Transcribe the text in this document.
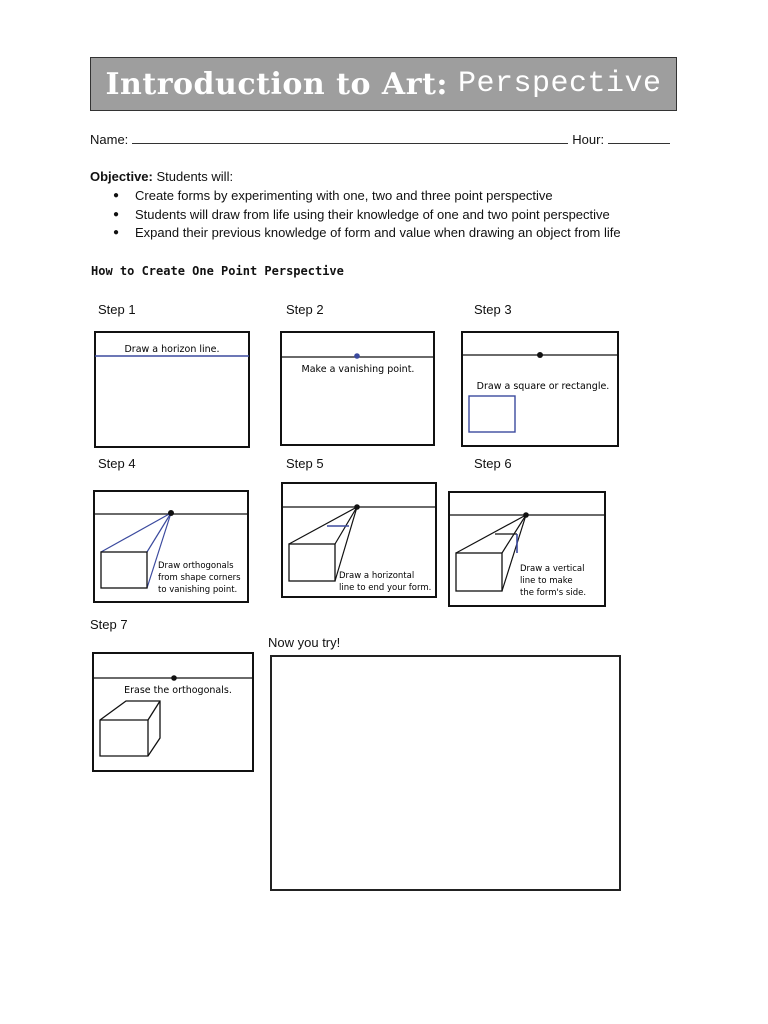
Introduction to Art: Perspective
Name:	Hour:
Objective: Students will:
●	Create forms by experimenting with one, two and three point perspective
●	Students will draw from life using their knowledge of one and two point perspective
●	Expand their previous knowledge of form and value when drawing an object from life
How to Create One Point Perspective
Step 1	Step 2	Step 3
Step 4	Step 5	Step 6
Step 7
Draw a horizon line.
Make a vanishing point.
Draw a square or rectangle.
Draw orthogonals from shape corners to vanishing point.
Draw a horizontal line to end your form.
Draw a vertical line to make the form's side.
Erase the orthogonals.
Now you try!
